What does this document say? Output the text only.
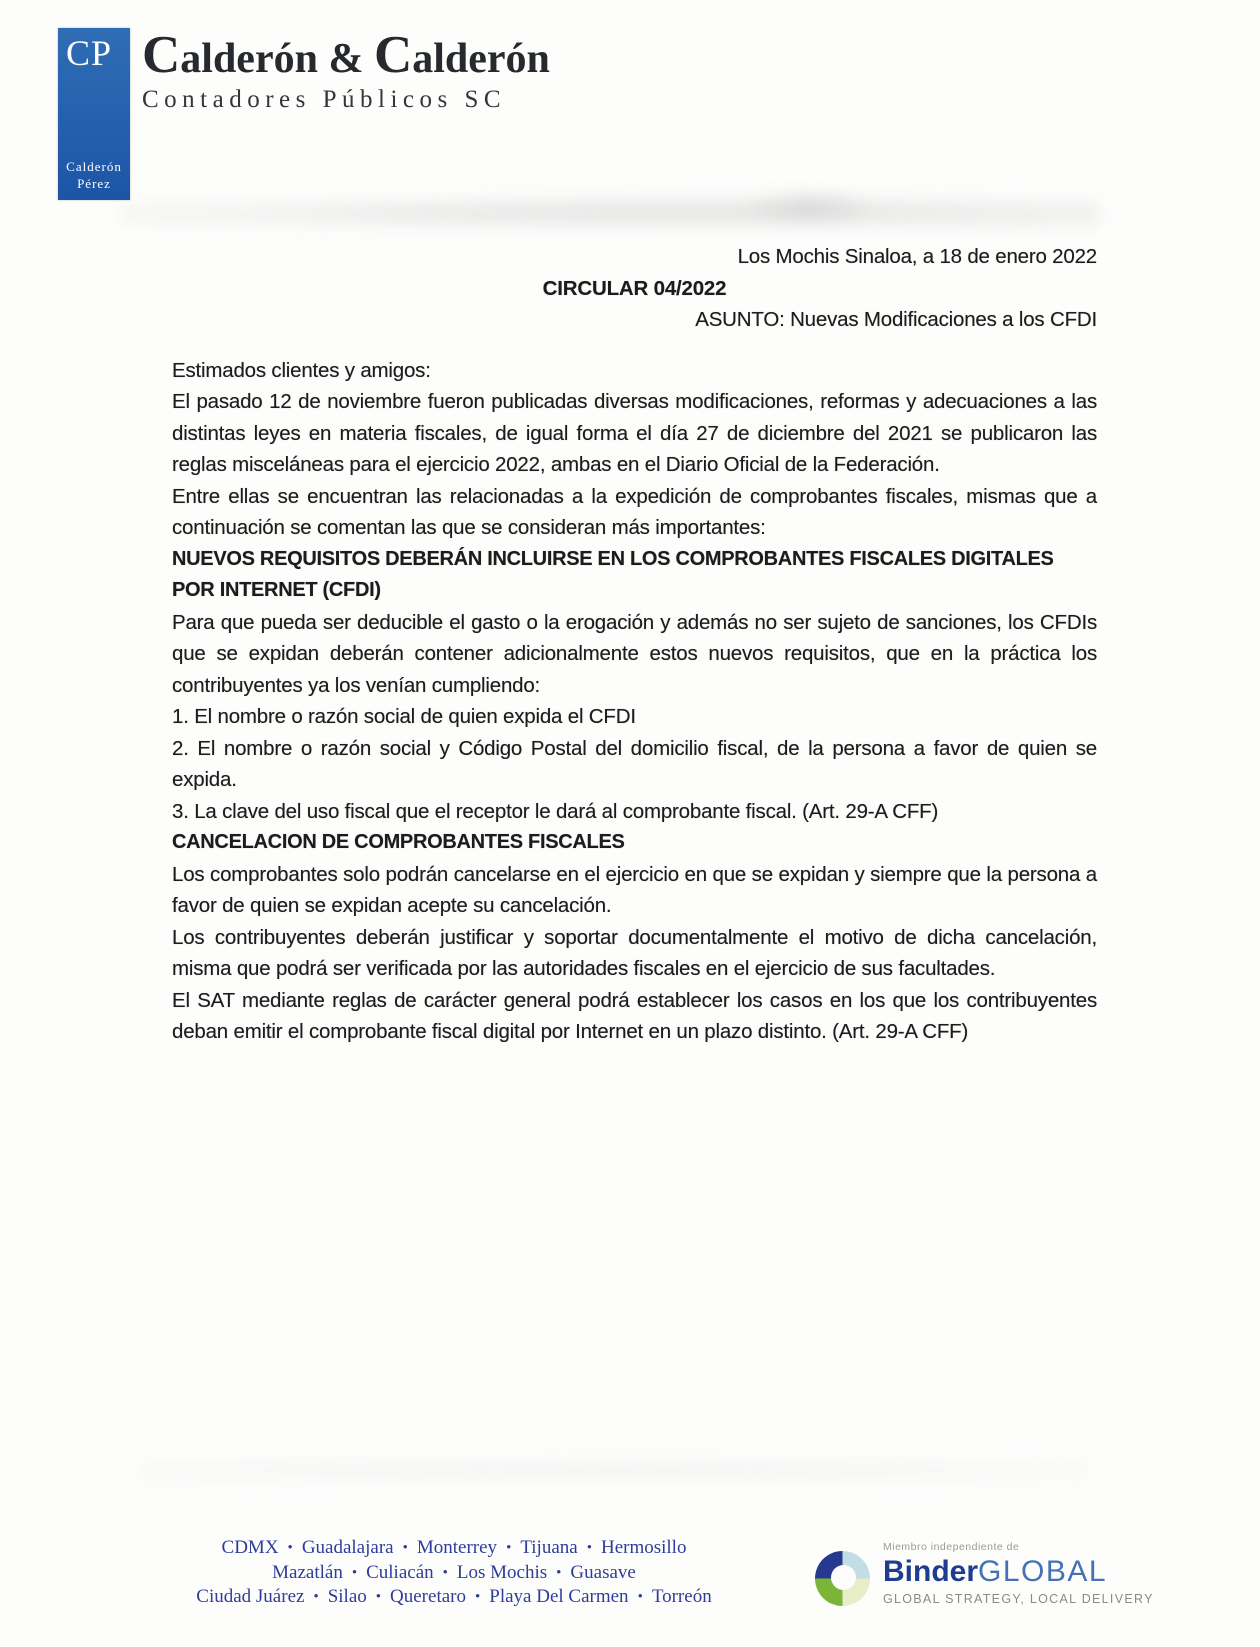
CP
Calderón
Pérez
Calderón & Calderón
Contadores Públicos SC

Los Mochis Sinaloa, a 18 de enero 2022

CIRCULAR 04/2022

ASUNTO: Nuevas Modificaciones a los CFDI

Estimados clientes y amigos:

El pasado 12 de noviembre fueron publicadas diversas modificaciones, reformas y adecuaciones a las distintas leyes en materia fiscales, de igual forma el día 27 de diciembre del 2021 se publicaron las reglas misceláneas para el ejercicio 2022, ambas en el Diario Oficial de la Federación.

Entre ellas se encuentran las relacionadas a la expedición de comprobantes fiscales, mismas que a continuación se comentan las que se consideran más importantes:

NUEVOS REQUISITOS DEBERÁN INCLUIRSE EN LOS COMPROBANTES FISCALES DIGITALES POR INTERNET (CFDI)

Para que pueda ser deducible el gasto o la erogación y además no ser sujeto de sanciones, los CFDIs que se expidan deberán contener adicionalmente estos nuevos requisitos, que en la práctica los contribuyentes ya los venían cumpliendo:

1. El nombre o razón social de quien expida el CFDI

2. El nombre o razón social y Código Postal del domicilio fiscal, de la persona a favor de quien se expida.

3. La clave del uso fiscal que el receptor le dará al comprobante fiscal. (Art. 29-A CFF)

CANCELACION DE COMPROBANTES FISCALES

Los comprobantes solo podrán cancelarse en el ejercicio en que se expidan y siempre que la persona a favor de quien se expidan acepte su cancelación.

Los contribuyentes deberán justificar y soportar documentalmente el motivo de dicha cancelación, misma que podrá ser verificada por las autoridades fiscales en el ejercicio de sus facultades.

El SAT mediante reglas de carácter general podrá establecer los casos en los que los contribuyentes deban emitir el comprobante fiscal digital por Internet en un plazo distinto. (Art. 29-A CFF)

CDMX • Guadalajara • Monterrey • Tijuana • Hermosillo
Mazatlán • Culiacán • Los Mochis • Guasave
Ciudad Juárez • Silao • Queretaro • Playa Del Carmen • Torreón
Miembro independiente de
BinderGLOBAL
GLOBAL STRATEGY, LOCAL DELIVERY
